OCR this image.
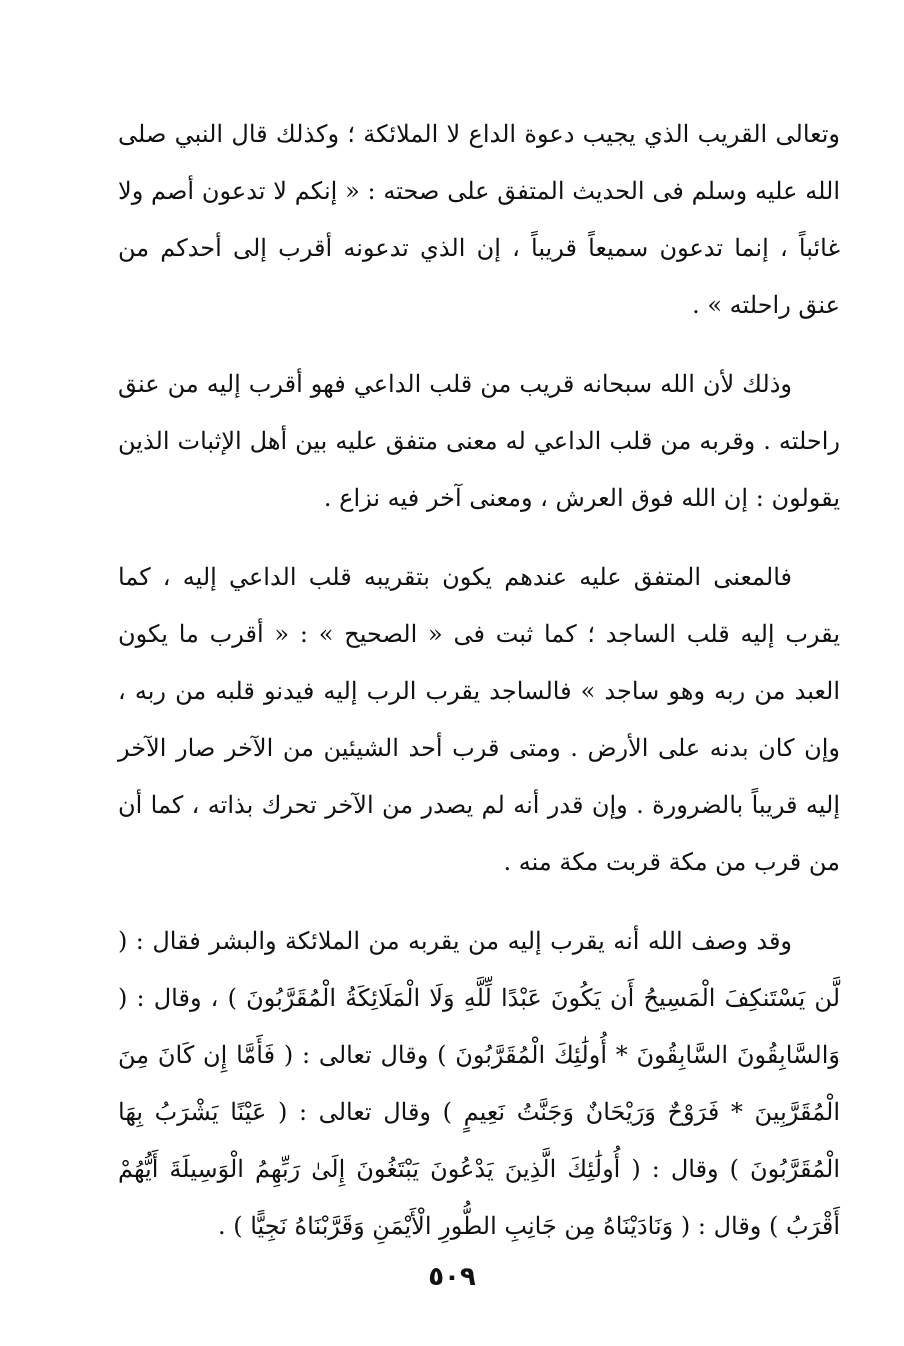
وتعالى القريب الذي يجيب دعوة الداع لا الملائكة ؛ وكذلك قال النبي صلى الله عليه وسلم فى الحديث المتفق على صحته : « إنكم لا تدعون أصم ولا غائباً ، إنما تدعون سميعاً قريباً ، إن الذي تدعونه أقرب إلى أحدكم من عنق راحلته » .

وذلك لأن الله سبحانه قريب من قلب الداعي فهو أقرب إليه من عنق راحلته . وقربه من قلب الداعي له معنى متفق عليه بين أهل الإثبات الذين يقولون : إن الله فوق العرش ، ومعنى آخر فيه نزاع .

فالمعنى المتفق عليه عندهم يكون بتقريبه قلب الداعي إليه ، كما يقرب إليه قلب الساجد ؛ كما ثبت فى « الصحيح » : « أقرب ما يكون العبد من ربه وهو ساجد » فالساجد يقرب الرب إليه فيدنو قلبه من ربه ، وإن كان بدنه على الأرض . ومتى قرب أحد الشيئين من الآخر صار الآخر إليه قريباً بالضرورة . وإن قدر أنه لم يصدر من الآخر تحرك بذاته ، كما أن من قرب من مكة قربت مكة منه .

وقد وصف الله أنه يقرب إليه من يقربه من الملائكة والبشر فقال : ( لَّن يَسْتَنكِفَ الْمَسِيحُ أَن يَكُونَ عَبْدًا لِّلَّهِ وَلَا الْمَلَائِكَةُ الْمُقَرَّبُونَ ) ، وقال : ( وَالسَّابِقُونَ السَّابِقُونَ * أُولَٰئِكَ الْمُقَرَّبُونَ ) وقال تعالى : ( فَأَمَّا إِن كَانَ مِنَ الْمُقَرَّبِينَ * فَرَوْحٌ وَرَيْحَانٌ وَجَنَّتُ نَعِيمٍ ) وقال تعالى : ( عَيْنًا يَشْرَبُ بِهَا الْمُقَرَّبُونَ ) وقال : ( أُولَٰئِكَ الَّذِينَ يَدْعُونَ يَبْتَغُونَ إِلَىٰ رَبِّهِمُ الْوَسِيلَةَ أَيُّهُمْ أَقْرَبُ ) وقال : ( وَنَادَيْنَاهُ مِن جَانِبِ الطُّورِ الْأَيْمَنِ وَقَرَّبْنَاهُ نَجِيًّا ) .

٥٠٩
